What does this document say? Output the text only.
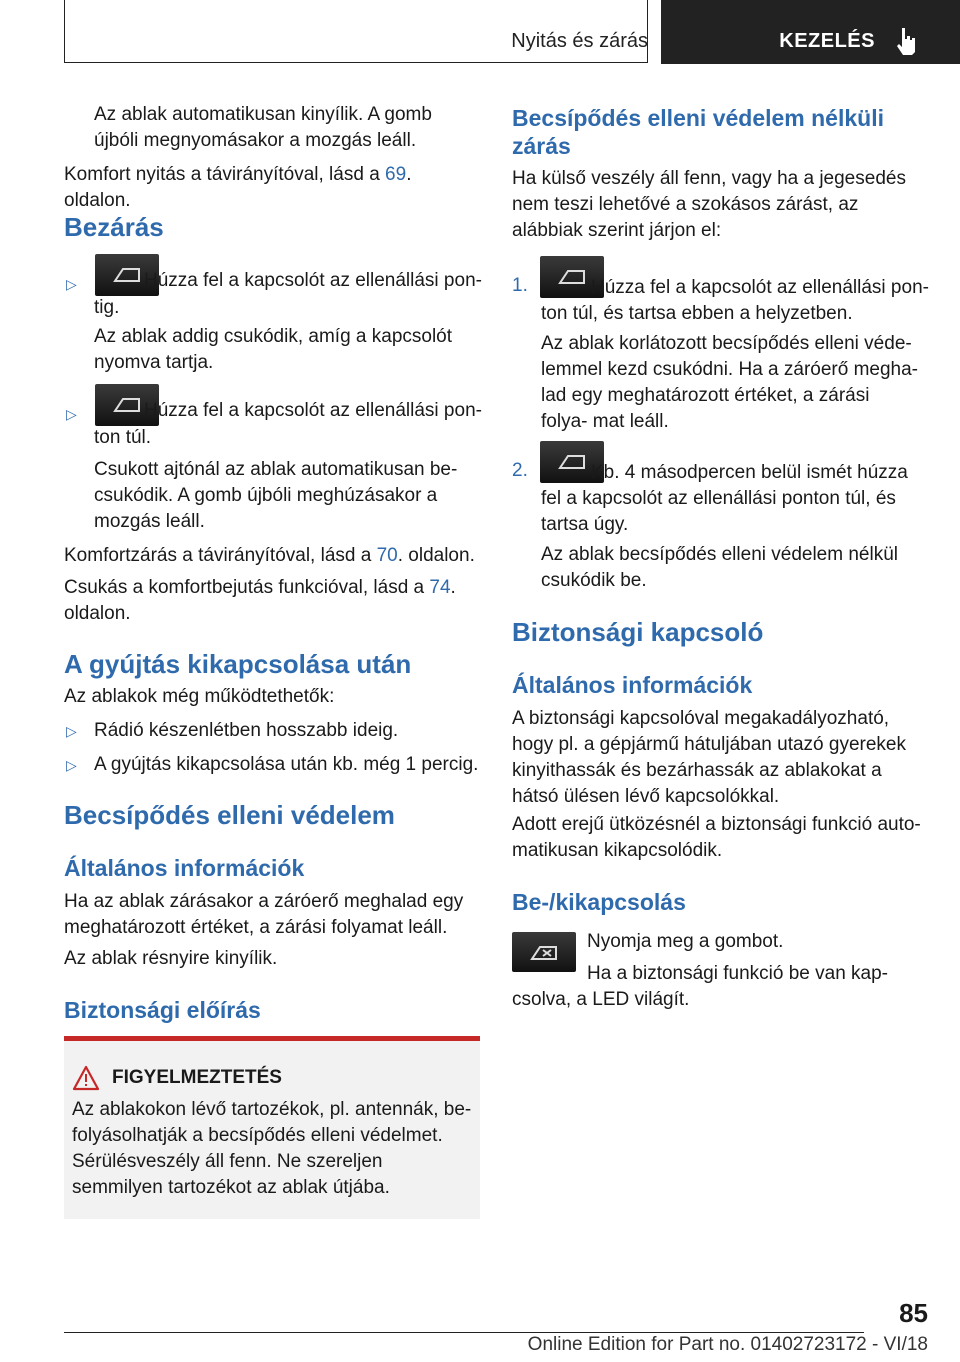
Nyitás és zárás	KEZELÉS

Az ablak automatikusan kinyílik. A gomb újbóli megnyomásakor a mozgás leáll.

Komfort nyitás a távirányítóval, lásd a 69. oldalon.

Bezárás
▷	Húzza fel a kapcsolót az ellenállási pon-

tig.

Az ablak addig csukódik, amíg a kapcsolót nyomva tartja.

▷	Húzza fel a kapcsolót az ellenállási pon-

ton túl.

Csukott ajtónál az ablak automatikusan be- csukódik. A gomb újbóli meghúzásakor a mozgás leáll.

Komfortzárás a távirányítóval, lásd a 70. oldalon.

Csukás a komfortbejutás funkcióval, lásd a 74. oldalon.

A gyújtás kikapcsolása után

Az ablakok még működtethetők:

▷ Rádió készenlétben hosszabb ideig.

▷ A gyújtás kikapcsolása után kb. még 1 percig.

Becsípődés elleni védelem
Általános információk

Ha az ablak zárásakor a záróerő meghalad egy meghatározott értéket, a zárási folyamat leáll.

Az ablak résnyire kinyílik.

Biztonsági előírás
FIGYELMEZTETÉS

Az ablakokon lévő tartozékok, pl. antennák, be- folyásolhatják a becsípődés elleni védelmet. Sérülésveszély áll fenn. Ne szereljen semmilyen tartozékot az ablak útjába.

Becsípődés elleni védelem nélküli zárás

Ha külső veszély áll fenn, vagy ha a jegesedés nem teszi lehetővé a szokásos zárást, az alábbiak szerint járjon el:

1.	Húzza fel a kapcsolót az ellenállási pon-

ton túl, és tartsa ebben a helyzetben.

Az ablak korlátozott becsípődés elleni véde- lemmel kezd csukódni. Ha a záróerő megha- lad egy meghatározott értéket, a zárási folya- mat leáll.

2.	Kb. 4 másodpercen belül ismét húzza

fel a kapcsolót az ellenállási ponton túl, és tartsa úgy.

Az ablak becsípődés elleni védelem nélkül csukódik be.

Biztonsági kapcsoló
Általános információk

A biztonsági kapcsolóval megakadályozható, hogy pl. a gépjármű hátuljában utazó gyerekek kinyithassák és bezárhassák az ablakokat a hátsó ülésen lévő kapcsolókkal.

Adott erejű ütközésnél a biztonsági funkció auto- matikusan kikapcsolódik.

Be-/kikapcsolás

Nyomja meg a gombot.

Ha a biztonsági funkció be van kap-

csolva, a LED világít.

85
Online Edition for Part no. 01402723172 - VI/18
